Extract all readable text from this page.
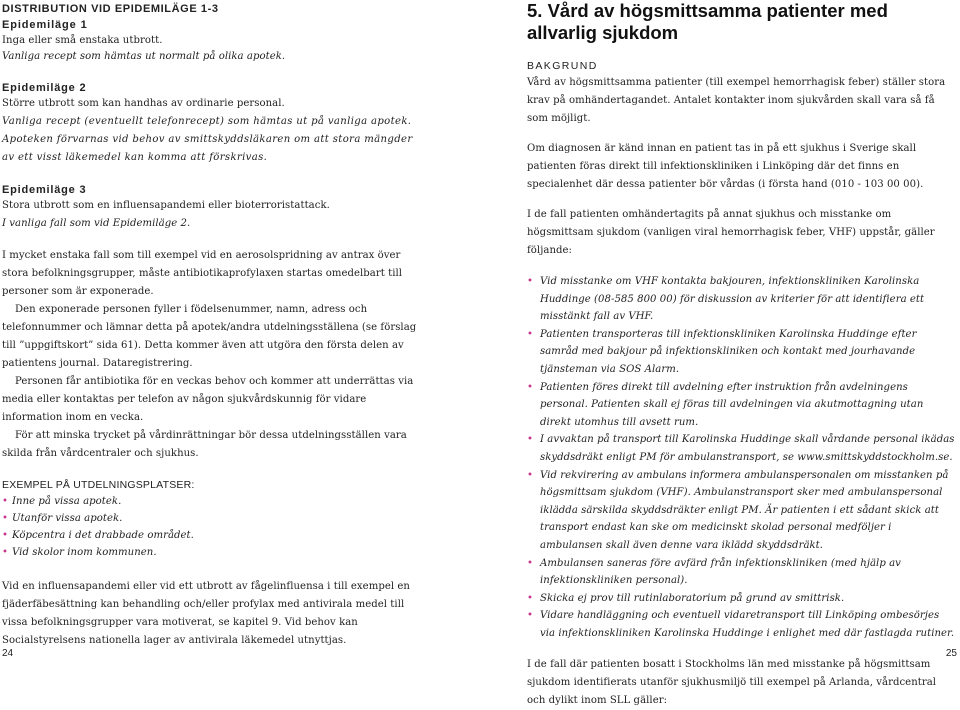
DISTRIBUTION VID EPIDEMILÄGE 1-3
Epidemiläge 1

Inga eller små enstaka utbrott.

Vanliga recept som hämtas ut normalt på olika apotek.

Epidemiläge 2

Större utbrott som kan handhas av ordinarie personal.

Vanliga recept (eventuellt telefonrecept) som hämtas ut på vanliga apotek. Apoteken förvarnas vid behov av smittskyddsläkaren om att stora mängder av ett visst läkemedel kan komma att förskrivas.

Epidemiläge 3

Stora utbrott som en influensapandemi eller bioterroristattack.

I vanliga fall som vid Epidemiläge 2.

I mycket enstaka fall som till exempel vid en aerosolspridning av antrax över stora befolkningsgrupper, måste antibiotikaprofylaxen startas omedelbart till personer som är exponerade.

Den exponerade personen fyller i födelsenummer, namn, adress och telefonnummer och lämnar detta på apotek/andra utdelningsställena (se förslag till ”uppgiftskort” sida 61). Detta kommer även att utgöra den första delen av patientens journal. Dataregistrering.

Personen får antibiotika för en veckas behov och kommer att underrättas via media eller kontaktas per telefon av någon sjukvårdskunnig för vidare information inom en vecka.

För att minska trycket på vårdinrättningar bör dessa utdelningsställen vara skilda från vårdcentraler och sjukhus.

EXEMPEL PÅ UTDELNINGSPLATSER:
• Inne på vissa apotek.
• Utanför vissa apotek.
• Köpcentra i det drabbade området.
• Vid skolor inom kommunen.

Vid en influensapandemi eller vid ett utbrott av fågelinfluensa i till exempel en fjäderfäbesättning kan behandling och/eller profylax med antivirala medel till vissa befolkningsgrupper vara motiverat, se kapitel 9. Vid behov kan Socialstyrelsens nationella lager av antivirala läkemedel utnyttjas.

5. Vård av högsmittsamma patienter med allvarlig sjukdom
BAKGRUND

Vård av högsmittsamma patienter (till exempel hemorrhagisk feber) ställer stora krav på omhändertagandet. Antalet kontakter inom sjukvården skall vara så få som möjligt.

Om diagnosen är känd innan en patient tas in på ett sjukhus i Sverige skall patienten föras direkt till infektionskliniken i Linköping där det finns en specialenhet där dessa patienter bör vårdas (i första hand (010 - 103 00 00).

I de fall patienten omhändertagits på annat sjukhus och misstanke om högsmittsam sjukdom (vanligen viral hemorrhagisk feber, VHF) uppstår, gäller följande:

• Vid misstanke om VHF kontakta bakjouren, infektionskliniken Karolinska Huddinge (08-585 800 00) för diskussion av kriterier för att identifiera ett misstänkt fall av VHF.
• Patienten transporteras till infektionskliniken Karolinska Huddinge efter samråd med bakjour på infektionskliniken och kontakt med jourhavande tjänsteman via SOS Alarm.
• Patienten föres direkt till avdelning efter instruktion från avdelningens personal. Patienten skall ej föras till avdelningen via akutmottagning utan direkt utomhus till avsett rum.
• I avvaktan på transport till Karolinska Huddinge skall vårdande personal ikädas skyddsdräkt enligt PM för ambulanstransport, se www.smittskyddstockholm.se.
• Vid rekvirering av ambulans informera ambulanspersonalen om misstanken på högsmittsam sjukdom (VHF). Ambulanstransport sker med ambulanspersonal iklädda särskilda skyddsdräkter enligt PM. Är patienten i ett sådant skick att transport endast kan ske om medicinskt skolad personal medföljer i ambulansen skall även denne vara iklädd skyddsdräkt.
• Ambulansen saneras före avfärd från infektionskliniken (med hjälp av infektionskliniken personal).
• Skicka ej prov till rutinlaboratorium på grund av smittrisk.
• Vidare handläggning och eventuell vidaretransport till Linköping ombesörjes via infektionskliniken Karolinska Huddinge i enlighet med där fastlagda rutiner.

I de fall där patienten bosatt i Stockholms län med misstanke på högsmittsam sjukdom identifierats utanför sjukhusmiljö till exempel på Arlanda, vårdcentral och dylikt inom SLL gäller:

24	25
